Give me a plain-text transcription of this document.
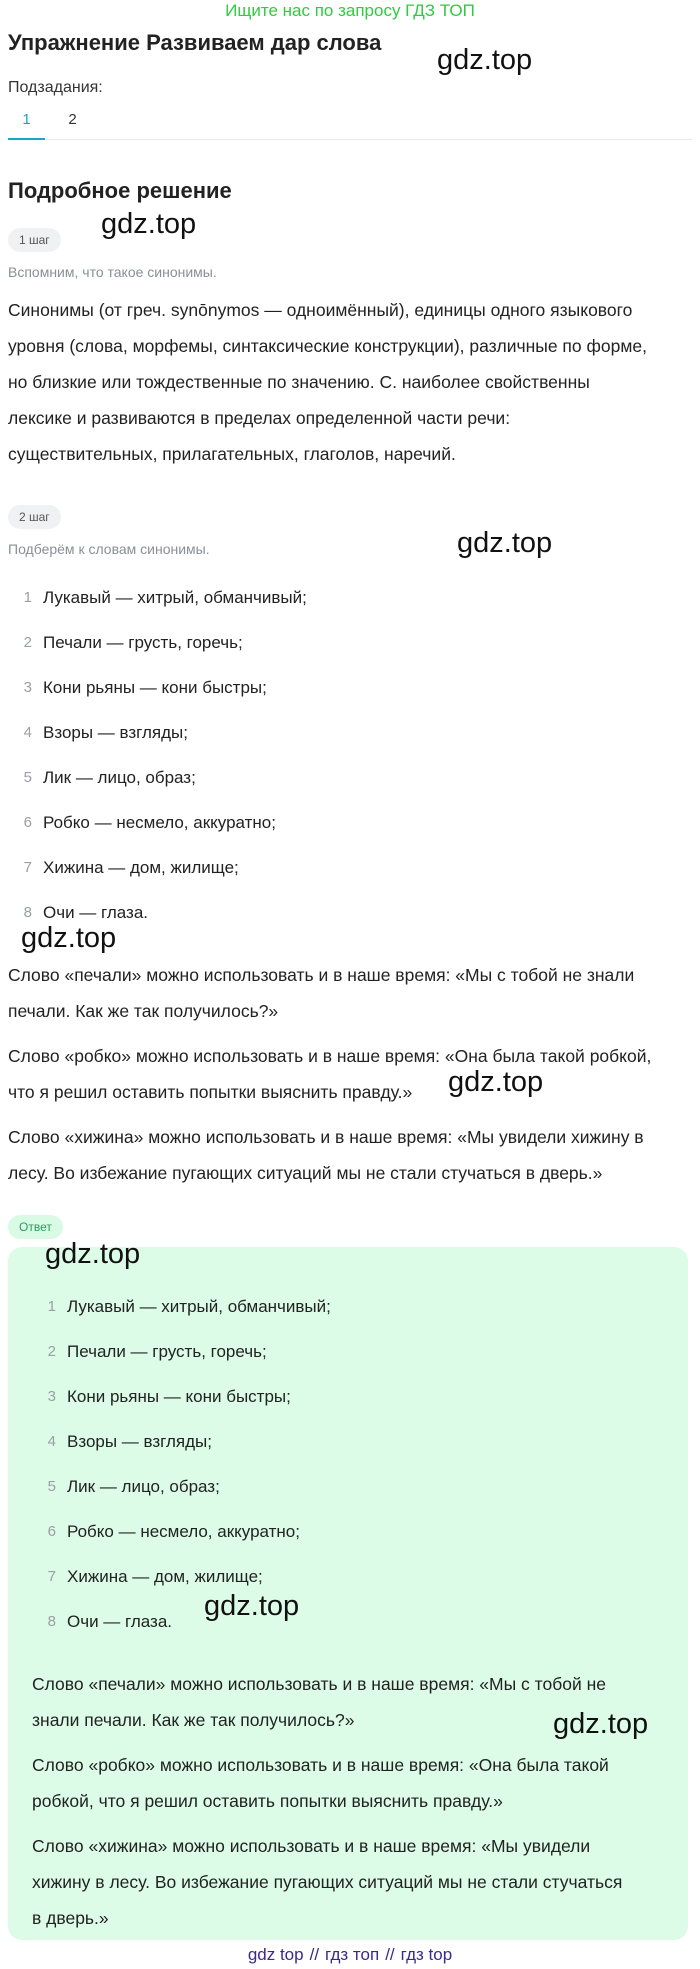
Ищите нас по запросу ГДЗ ТОП
Упражнение Развиваем дар слова
Подзадания:
1	2
Подробное решение
1 шаг
Вспомним, что такое синонимы.
Синонимы (от греч. synōnymos — одноимённый), единицы одного языкового
уровня (слова, морфемы, синтаксические конструкции), различные по форме,
но близкие или тождественные по значению. С. наиболее свойственны
лексике и развиваются в пределах определенной части речи:
существительных, прилагательных, глаголов, наречий.
2 шаг
Подберём к словам синонимы.
1 Лукавый — хитрый, обманчивый;
2 Печали — грусть, горечь;
3 Кони рьяны — кони быстры;
4 Взоры — взгляды;
5 Лик — лицо, образ;
6 Робко — несмело, аккуратно;
7 Хижина — дом, жилище;
8 Очи — глаза.
Слово «печали» можно использовать и в наше время: «Мы с тобой не знали
печали. Как же так получилось?»
Слово «робко» можно использовать и в наше время: «Она была такой робкой,
что я решил оставить попытки выяснить правду.»
Слово «хижина» можно использовать и в наше время: «Мы увидели хижину в
лесу. Во избежание пугающих ситуаций мы не стали стучаться в дверь.»
Ответ
1 Лукавый — хитрый, обманчивый;
2 Печали — грусть, горечь;
3 Кони рьяны — кони быстры;
4 Взоры — взгляды;
5 Лик — лицо, образ;
6 Робко — несмело, аккуратно;
7 Хижина — дом, жилище;
8 Очи — глаза.
Слово «печали» можно использовать и в наше время: «Мы с тобой не
знали печали. Как же так получилось?»
Слово «робко» можно использовать и в наше время: «Она была такой
робкой, что я решил оставить попытки выяснить правду.»
Слово «хижина» можно использовать и в наше время: «Мы увидели
хижину в лесу. Во избежание пугающих ситуаций мы не стали стучаться
в дверь.»
gdz.top
gdz.top
gdz.top
gdz.top
gdz.top
gdz.top
gdz.top
gdz.top
gdz top // гдз топ // гдз top
